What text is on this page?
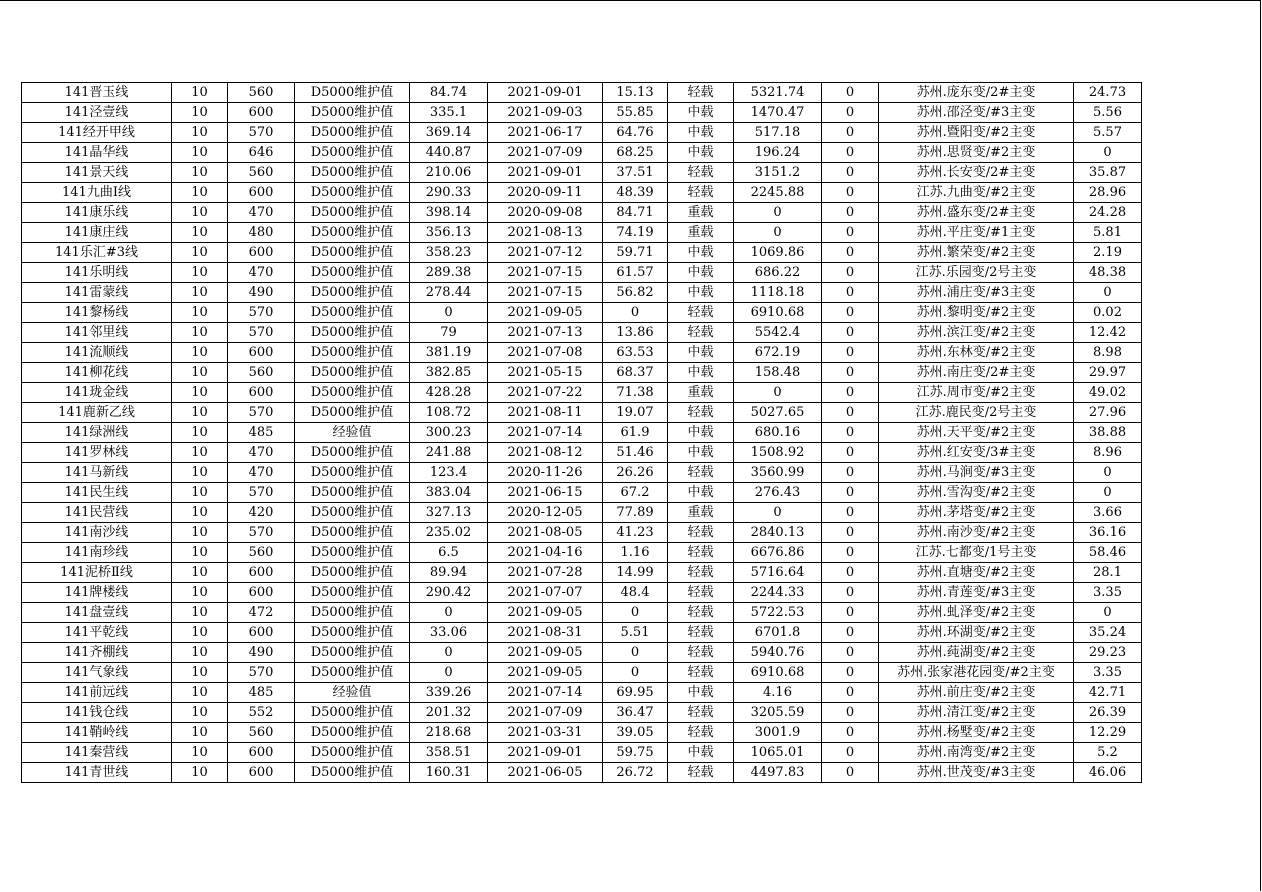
141晋玉线	10	560	D5000维护值	84.74	2021-09-01	15.13	轻载	5321.74	0	苏州.庞东变/2#主变	24.73
141泾壹线	10	600	D5000维护值	335.1	2021-09-03	55.85	中载	1470.47	0	苏州.邵泾变/#3主变	5.56
141经开甲线	10	570	D5000维护值	369.14	2021-06-17	64.76	中载	517.18	0	苏州.暨阳变/#2主变	5.57
141晶华线	10	646	D5000维护值	440.87	2021-07-09	68.25	中载	196.24	0	苏州.思贤变/#2主变	0
141景天线	10	560	D5000维护值	210.06	2021-09-01	37.51	轻载	3151.2	0	苏州.长安变/2#主变	35.87
141九曲Ⅰ线	10	600	D5000维护值	290.33	2020-09-11	48.39	轻载	2245.88	0	江苏.九曲变/#2主变	28.96
141康乐线	10	470	D5000维护值	398.14	2020-09-08	84.71	重载	0	0	苏州.盛东变/2#主变	24.28
141康庄线	10	480	D5000维护值	356.13	2021-08-13	74.19	重载	0	0	苏州.平庄变/#1主变	5.81
141乐汇#3线	10	600	D5000维护值	358.23	2021-07-12	59.71	中载	1069.86	0	苏州.繁荣变/#2主变	2.19
141乐明线	10	470	D5000维护值	289.38	2021-07-15	61.57	中载	686.22	0	江苏.乐园变/2号主变	48.38
141雷蒙线	10	490	D5000维护值	278.44	2021-07-15	56.82	中载	1118.18	0	苏州.浦庄变/#3主变	0
141黎杨线	10	570	D5000维护值	0	2021-09-05	0	轻载	6910.68	0	苏州.黎明变/#2主变	0.02
141邻里线	10	570	D5000维护值	79	2021-07-13	13.86	轻载	5542.4	0	苏州.滨江变/#2主变	12.42
141流顺线	10	600	D5000维护值	381.19	2021-07-08	63.53	中载	672.19	0	苏州.东林变/#2主变	8.98
141柳花线	10	560	D5000维护值	382.85	2021-05-15	68.37	中载	158.48	0	苏州.南庄变/2#主变	29.97
141珑金线	10	600	D5000维护值	428.28	2021-07-22	71.38	重载	0	0	江苏.周市变/#2主变	49.02
141鹿新乙线	10	570	D5000维护值	108.72	2021-08-11	19.07	轻载	5027.65	0	江苏.鹿民变/2号主变	27.96
141绿洲线	10	485	经验值	300.23	2021-07-14	61.9	中载	680.16	0	苏州.天平变/#2主变	38.88
141罗林线	10	470	D5000维护值	241.88	2021-08-12	51.46	中载	1508.92	0	苏州.红安变/3#主变	8.96
141马新线	10	470	D5000维护值	123.4	2020-11-26	26.26	轻载	3560.99	0	苏州.马涧变/#3主变	0
141民生线	10	570	D5000维护值	383.04	2021-06-15	67.2	中载	276.43	0	苏州.雪沟变/#2主变	0
141民营线	10	420	D5000维护值	327.13	2020-12-05	77.89	重载	0	0	苏州.茅塔变/#2主变	3.66
141南沙线	10	570	D5000维护值	235.02	2021-08-05	41.23	轻载	2840.13	0	苏州.南沙变/#2主变	36.16
141南珍线	10	560	D5000维护值	6.5	2021-04-16	1.16	轻载	6676.86	0	江苏.七都变/1号主变	58.46
141泥桥Ⅱ线	10	600	D5000维护值	89.94	2021-07-28	14.99	轻载	5716.64	0	苏州.直塘变/#2主变	28.1
141牌楼线	10	600	D5000维护值	290.42	2021-07-07	48.4	轻载	2244.33	0	苏州.青莲变/#3主变	3.35
141盘壹线	10	472	D5000维护值	0	2021-09-05	0	轻载	5722.53	0	苏州.虬泽变/#2主变	0
141平乾线	10	600	D5000维护值	33.06	2021-08-31	5.51	轻载	6701.8	0	苏州.环湖变/#2主变	35.24
141齐棚线	10	490	D5000维护值	0	2021-09-05	0	轻载	5940.76	0	苏州.莼湖变/#2主变	29.23
141气象线	10	570	D5000维护值	0	2021-09-05	0	轻载	6910.68	0	苏州.张家港花园变/#2主变	3.35
141前远线	10	485	经验值	339.26	2021-07-14	69.95	中载	4.16	0	苏州.前庄变/#2主变	42.71
141钱仓线	10	552	D5000维护值	201.32	2021-07-09	36.47	轻载	3205.59	0	苏州.清江变/#2主变	26.39
141鞘岭线	10	560	D5000维护值	218.68	2021-03-31	39.05	轻载	3001.9	0	苏州.杨墅变/#2主变	12.29
141秦营线	10	600	D5000维护值	358.51	2021-09-01	59.75	中载	1065.01	0	苏州.南湾变/#2主变	5.2
141青世线	10	600	D5000维护值	160.31	2021-06-05	26.72	轻载	4497.83	0	苏州.世茂变/#3主变	46.06
